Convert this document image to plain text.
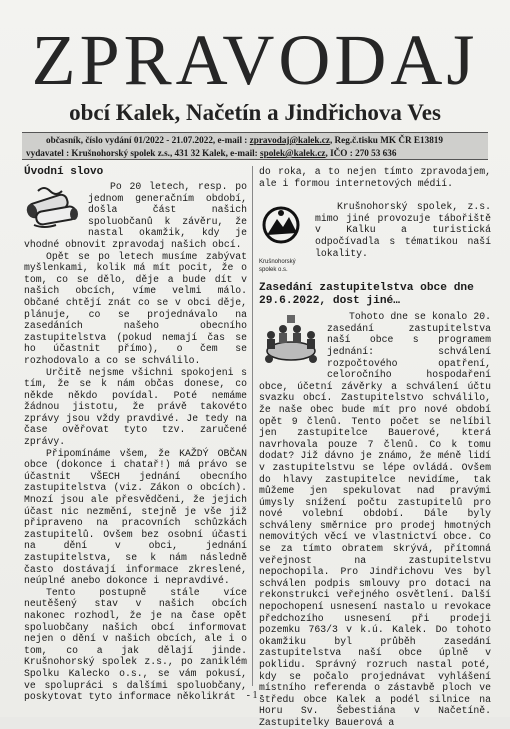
ZPRAVODAJ
obcí Kalek, Načetín a Jindřichova Ves
občasník, číslo vydání 01/2022 - 21.07.2022, e-mail : zpravodaj@kalek.cz, Reg.č.tisku MK ČR E13819
vydavatel : Krušnohorský spolek z.s., 431 32 Kalek, e-mail: spolek@kalek.cz, IČO : 270 53 636
Úvodní slovo

Po 20 letech, resp. po jednom generačním období, došla část našich spoluobčanů k závěru, že nastal okamžik, kdy je vhodné obnovit zpravodaj našich obcí.

Opět se po letech musíme zabývat myšlenkami, kolik má mít pocit, že o tom, co se dělo, děje a bude dít v našich obcích, víme velmi málo. Občané chtějí znát co se v obci děje, plánuje, co se projednávalo na zasedáních našeho obecního zastupitelstva (pokud nemají čas se ho účastnit přímo), o čem se rozhodovalo a co se schválilo.

Určitě nejsme všichni spokojeni s tím, že se k nám občas donese, co někde někdo povídal. Poté nemáme žádnou jistotu, že právě takovéto zprávy jsou vždy pravdivé. Je tedy na čase ověřovat tyto tzv. zaručené zprávy.

Připomínáme všem, že KAŽDÝ OBČAN obce (dokonce i chatař!) má právo se účastnit VŠECH jednání obecního zastupitelstva (viz. Zákon o obcích). Mnozí jsou ale přesvědčeni, že jejich účast nic nezmění, stejně je vše již připraveno na pracovních schůzkách zastupitelů. Ovšem bez osobní účasti na dění v obci, jednání zastupitelstva, se k nám následně často dostávají informace zkreslené, neúplné anebo dokonce i nepravdivé.

Tento postupně stále více neutěšený stav v našich obcích nakonec rozhodl, že je na čase opět spoluobčany našich obcí informovat nejen o dění v našich obcích, ale i o tom, co a jak dělají jinde. Krušnohorský spolek z.s., po zaniklém Spolku Kalecko o.s., se vám pokusí, ve spolupráci s dalšími spoluobčany, poskytovat tyto informace několikrát

do roka, a to nejen tímto zpravodajem, ale i formou internetových médií.

Krušnohorský
spolek o.s.

Krušnohorský spolek, z.s. mimo jiné provozuje tábořiště v Kalku a turistická odpočívadla s tématikou naší lokality.

Zasedání zastupitelstva obce dne 29.6.2022, dost jiné…

Tohoto dne se konalo 20. zasedání zastupitelstva naší obce s programem jednání: schválení rozpočtového opatření, celoročního hospodaření obce, účetní závěrky a schválení účtu svazku obcí. Zastupitelstvo schválilo, že naše obec bude mít pro nové období opět 9 členů. Tento počet se nelíbil jen zastupitelce Bauerové, která navrhovala pouze 7 členů. Co k tomu dodat? Již dávno je známo, že méně lidí v zastupitelstvu se lépe ovládá. Ovšem do hlavy zastupitelce nevidíme, tak můžeme jen spekulovat nad pravými úmysly snížení počtu zastupitelů pro nové volební období. Dále byly schváleny směrnice pro prodej hmotných nemovitých věcí ve vlastnictví obce. Co se za tímto obratem skrývá, přítomná veřejnost na zastupitelstvu nepochopila. Pro Jindřichovu Ves byl schválen podpis smlouvy pro dotaci na rekonstrukci veřejného osvětlení. Další nepochopení usnesení nastalo u revokace předchozího usnesení při prodeji pozemku 763/3 v k.ú. Kalek. Do tohoto okamžiku byl průběh zasedání zastupitelstva naší obce úplně v poklidu. Správný rozruch nastal poté, kdy se počalo projednávat vyhlášení místního referenda o zástavbě ploch ve středu obce Kalek a podél silnice na Horu Sv. Šebestiána v Načetíně. Zastupitelky Bauerová a

- 1 -
